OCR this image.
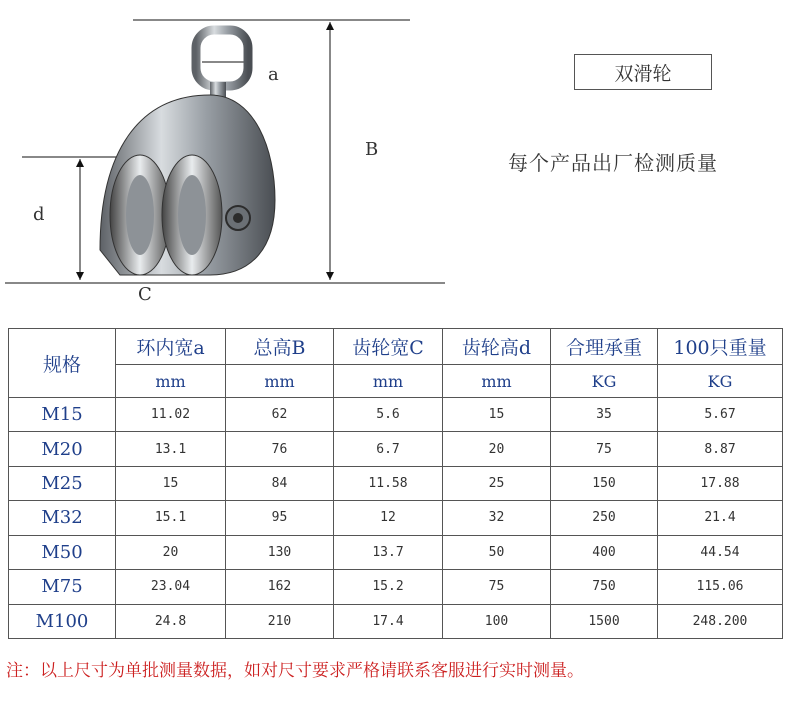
a
B
d
C
双滑轮
每个产品出厂检测质量
规格	环内宽a	总高B	齿轮宽C	齿轮高d	合理承重	100只重量
	mm	mm	mm	mm	KG	KG
M15	11.02	62	5.6	15	35	5.67
M20	13.1	76	6.7	20	75	8.87
M25	15	84	11.58	25	150	17.88
M32	15.1	95	12	32	250	21.4
M50	20	130	13.7	50	400	44.54
M75	23.04	162	15.2	75	750	115.06
M100	24.8	210	17.4	100	1500	248.200
注：以上尺寸为单批测量数据，如对尺寸要求严格请联系客服进行实时测量。
